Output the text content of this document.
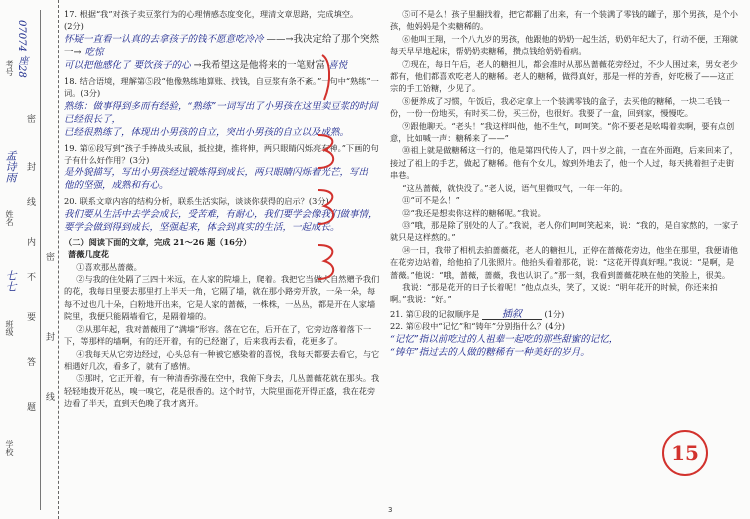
学校
班级
七七
姓名
孟诗雨
考号 07074 座28
密
封
线
内
不
要
答
题
密
封
线

17. 根据“我”对孩子卖豆浆行为的心理情感态度变化，理清文章思路，完成填空。

(2分)

怀疑一直看一认真的去拿孩子的钱不愿意吃冷冷 ——→我决定给了那个突然一→ 吃惊

可以把他感化了 要饮孩子的心 →我希望这是他将来的一笔财富 喜悦

18. 结合语境，理解第⑤段“他像熟练地算账、找钱，自豆浆有条不紊。”一句中“熟练”一词。(3分)

熟练：做事得到多而有经验，“熟练”一词写出了小男孩在这里卖豆浆的时间已经很长了，

已经很熟练了，体现出小男孩的自立，突出小男孩的自立以及成熟。

19. 第⑥段写到“孩子手捧战头或鼠，抵拉捷，推将伸，两只眼睛闪烁亮有神。”下画的句子有什么好作用？(3分)

是外貌描写，写出小男孩经过锻炼得到成长，两只眼睛闪烁着光芒，写出

他的坚强，成熟和有心。

20. 联系文章内容的结构分析，联系生活实际，谈谈你获得的启示？(3分)

我们要从生活中去学会成长，受苦难，有耐心，我们要学会像我们做事情，

要学会做到得到成长，坚强起来，体会到真实的生活，一起成长。

（二）阅读下面的文章，完成 21～26 题（16分）

蔷薇几度花

①喜欢那丛蔷薇。

②与我的住处隔了三四十米远，在人家的院墙上，爬着。我把它当做大自然赠予我们的花，我每日里要去那里打上半天一角，它隔了墙，就在那小路旁开放，一朵一朵，每每不过也几十朵，白粉地开出来，它是人家的蔷薇，一株株，一丛丛，都是开在人家墙院里，我便只能隔墙看它，是隔着墙的。

②从那年起，我对蔷薇用了“满墙”形容。落在它在，后开在了，它旁边落着落下一下，等那样的墙啊，有的还开着，有的已经谢了，后来我再去看，花更多了。

④我每天从它旁边经过，心头总有一种被它感染着的喜悦，我每天都要去看它，与它相遇好几次，看多了，就有了感情。

⑤那时，它正开着，有一种清香弥漫在空中，我俯下身去，几丛蔷薇花就在那头。我轻轻地拨开花丛，嗅一嗅它，花是很香的。这个时节，大院里面花开得正盛，我在花旁边看了半天，直到天色晚了我才离开。

⑤可不是么！孩子里翻找着，把它都翻了出来，有一个装满了零钱的罐子，那个男孩，是个小孩，他妈妈是个卖糖稀的。

⑥他叫王翔，一个八九岁的男孩，他跟他的奶奶一起生活，奶奶年纪大了，行动不便，王翔就每天早早地起床，帮奶奶卖糖稀，攒点钱给奶奶看病。

⑦现在，每日午后，老人的糖担儿，都会准时从那丛蔷薇花旁经过，不少人围过来，男女老少都有，他们都喜欢吃老人的糖稀。老人的糖稀，做得真好，那是一样的芳香，好吃极了——这正宗的手工饴糖，少见了。

⑧便养成了习惯，午饭后，我必定拿上一个装满零钱的盒子，去买他的糖稀，一块二毛钱一份，一份一份地买，有时买二份，买三份，也很好。我要了一盒，回到家，慢慢吃。

⑨跟他聊天。“老头！”我这样叫他，他不生气，呵呵笑。“你不要老是吆喝着卖啊，要有点创意，比如喊一声：糖稀来了——”

⑩祖上就是做糖稀这一行的，他是第四代传人了，四十岁之前，一直在外面跑，后来回来了，接过了祖上的手艺，做起了糖稀。他有个女儿，嫁到外地去了，他一个人过，每天挑着担子走街串巷。

“这丛蔷薇，就快没了。”老人说，语气里微叹气，一年一年的。

⑪“可不是么！”

⑫“我还是想卖你这样的糖稀呢。”我说。

⑬“哦，那是除了别处的人了。”我说，老人你们呵呵笑起来，说：“我的，是自家熬的，一家子就只是这样熬的。”

⑭一日，我带了相机去拍蔷薇花，老人的糖担儿，正停在蔷薇花旁边，他坐在那里，我便请他在花旁边站着，给他拍了几张照片。他抬头看着那花，说：“这花开得真好哩。”我说：“是啊，是蔷薇。”他说：“哦，蔷薇，蔷薇，我也认识了。”那一刻，我看到蔷薇花映在他的笑脸上，很美。

我说：“那是花开的日子长着呢！”他点点头，笑了，又说：“明年花开的时候，你还来拍啊。”我说：“好。”

21. 第①段的记叙顺序是 插叙	(1分)

22. 第⑥段中“记忆”和“铸年”分别指什么？(4分)

“记忆”指以前吃过的人祖辈一起吃的那些甜蜜的记忆，

“铸年”指过去的人做的糖稀有一种美好的岁月。

15
3
